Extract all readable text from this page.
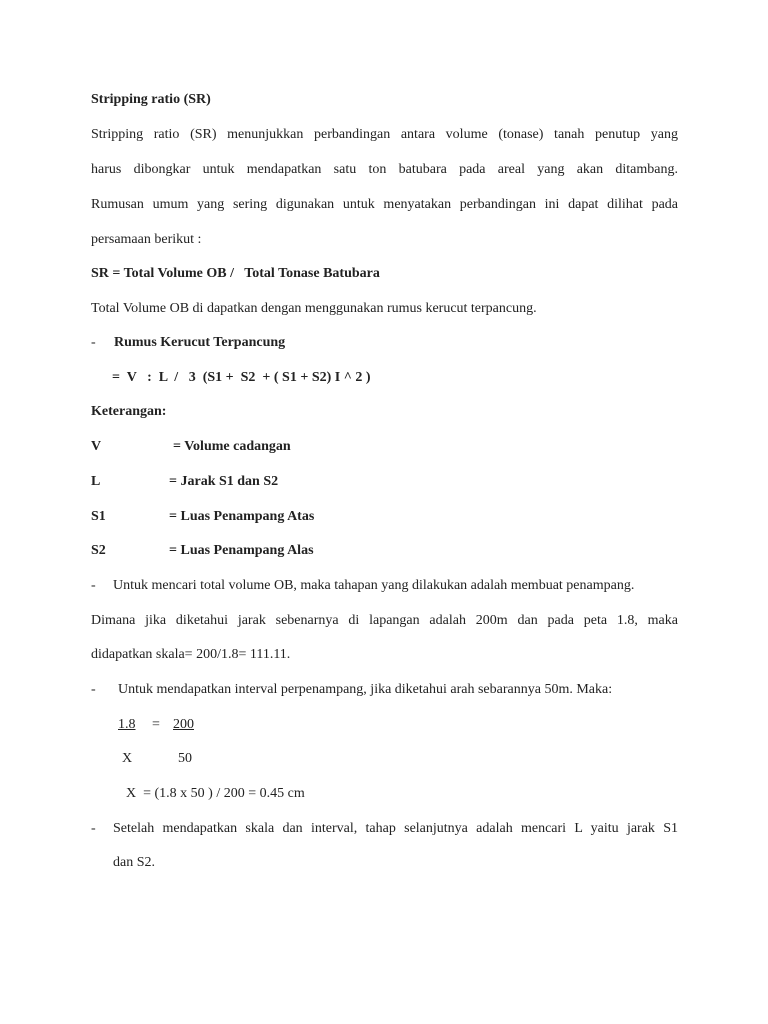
Stripping ratio (SR)
Stripping ratio (SR) menunjukkan perbandingan antara volume (tonase) tanah penutup yang
harus dibongkar untuk mendapatkan satu ton batubara pada areal yang akan ditambang.
Rumusan umum yang sering digunakan untuk menyatakan perbandingan ini dapat dilihat pada
persamaan berikut :
SR = Total Volume OB /   Total Tonase Batubara
Total Volume OB di dapatkan dengan menggunakan rumus kerucut terpancung.
- Rumus Kerucut Terpancung
=  V   :  L  /   3  (S1 +  S2  + ( S1 + S2) I ^ 2 )
Keterangan:
V	= Volume cadangan
L	= Jarak S1 dan S2
S1	= Luas Penampang Atas
S2	= Luas Penampang Alas
- Untuk mencari total volume OB, maka tahapan yang dilakukan adalah membuat penampang.
Dimana jika diketahui jarak sebenarnya di lapangan adalah 200m dan pada peta 1.8, maka
didapatkan skala= 200/1.8= 111.11.
- Untuk mendapatkan interval perpenampang, jika diketahui arah sebarannya 50m. Maka:
1.8 = 200
X	50
X  = (1.8 x 50 ) / 200 = 0.45 cm
- Setelah mendapatkan skala dan interval, tahap selanjutnya adalah mencari L yaitu jarak S1
dan S2.
